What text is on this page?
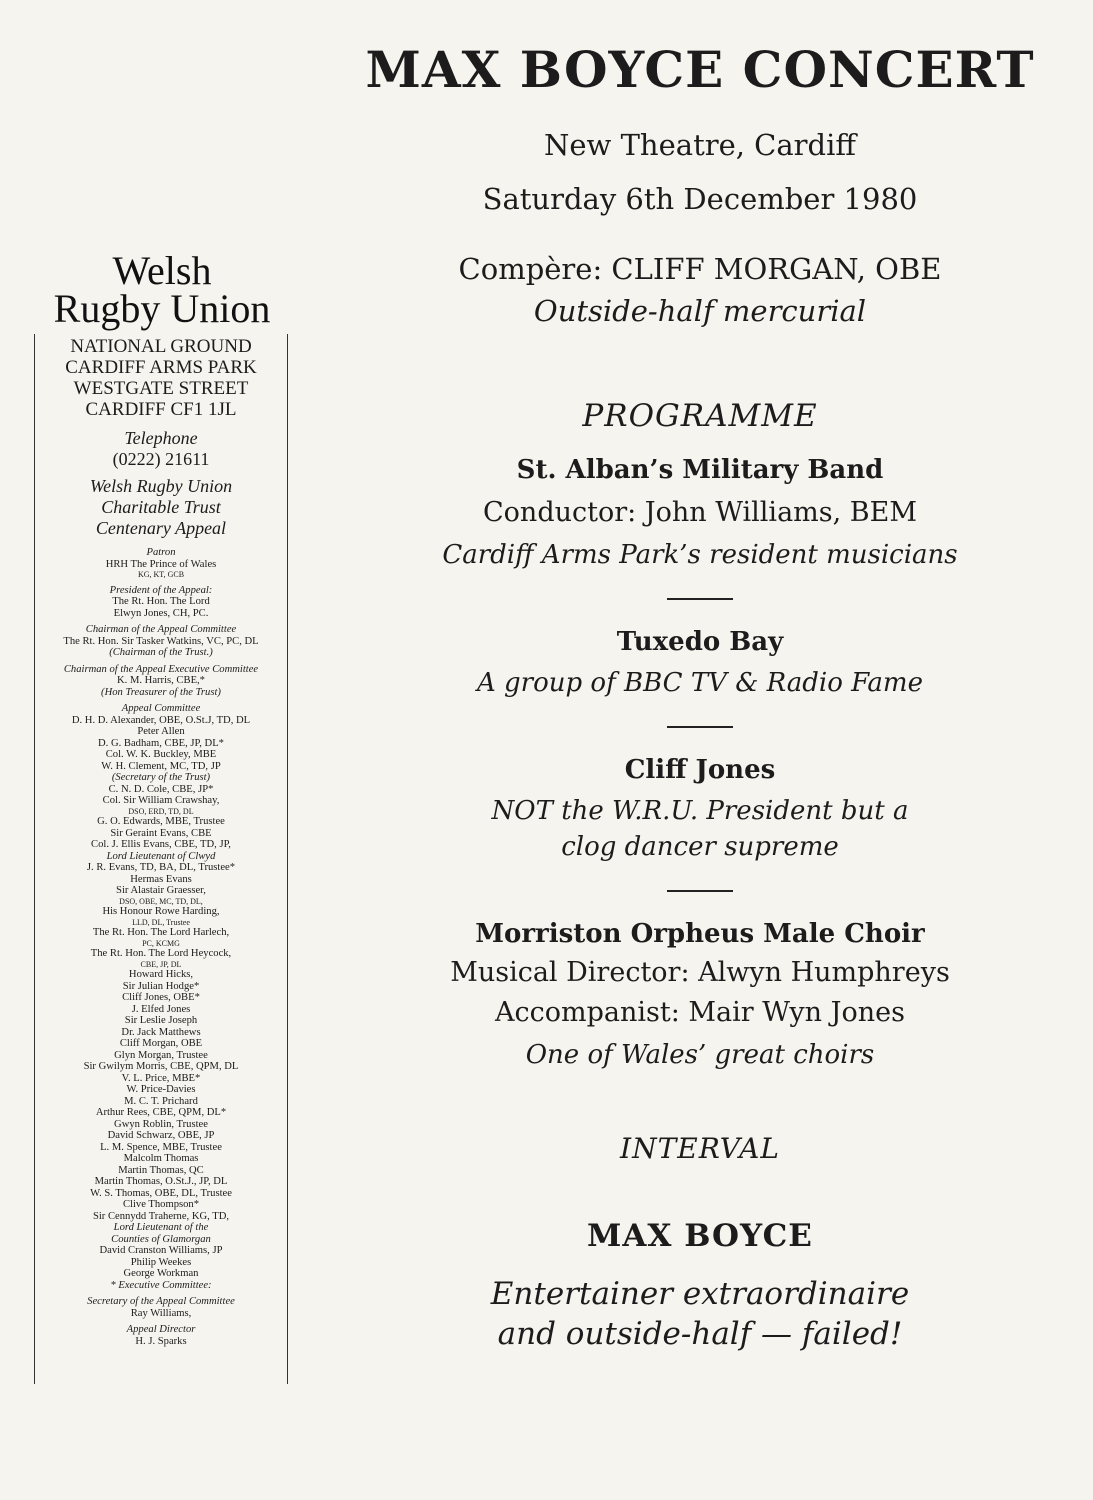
Welsh
Rugby Union
NATIONAL GROUND
CARDIFF ARMS PARK
WESTGATE STREET
CARDIFF CF1 1JL
Telephone
(0222) 21611
Welsh Rugby Union
Charitable Trust
Centenary Appeal
Patron
HRH The Prince of Wales
KG, KT, GCB
President of the Appeal:
The Rt. Hon. The Lord
Elwyn Jones, CH, PC.
Chairman of the Appeal Committee
The Rt. Hon. Sir Tasker Watkins, VC, PC, DL
(Chairman of the Trust.)
Chairman of the Appeal Executive Committee
K. M. Harris, CBE,*
(Hon Treasurer of the Trust)
Appeal Committee
D. H. D. Alexander, OBE, O.St.J, TD, DL
Peter Allen
D. G. Badham, CBE, JP, DL*
Col. W. K. Buckley, MBE
W. H. Clement, MC, TD, JP
(Secretary of the Trust)
C. N. D. Cole, CBE, JP*
Col. Sir William Crawshay,
DSO, ERD, TD, DL
G. O. Edwards, MBE, Trustee
Sir Geraint Evans, CBE
Col. J. Ellis Evans, CBE, TD, JP,
Lord Lieutenant of Clwyd
J. R. Evans, TD, BA, DL, Trustee*
Hermas Evans
Sir Alastair Graesser,
DSO, OBE, MC, TD, DL,
His Honour Rowe Harding,
LLD, DL, Trustee
The Rt. Hon. The Lord Harlech,
PC, KCMG
The Rt. Hon. The Lord Heycock,
CBE, JP, DL
Howard Hicks,
Sir Julian Hodge*
Cliff Jones, OBE*
J. Elfed Jones
Sir Leslie Joseph
Dr. Jack Matthews
Cliff Morgan, OBE
Glyn Morgan, Trustee
Sir Gwilym Morris, CBE, QPM, DL
V. L. Price, MBE*
W. Price-Davies
M. C. T. Prichard
Arthur Rees, CBE, QPM, DL*
Gwyn Roblin, Trustee
David Schwarz, OBE, JP
L. M. Spence, MBE, Trustee
Malcolm Thomas
Martin Thomas, QC
Martin Thomas, O.St.J., JP, DL
W. S. Thomas, OBE, DL, Trustee
Clive Thompson*
Sir Cennydd Traherne, KG, TD,
Lord Lieutenant of the
Counties of Glamorgan
David Cranston Williams, JP
Philip Weekes
George Workman
* Executive Committee:
Secretary of the Appeal Committee
Ray Williams,
Appeal Director
H. J. Sparks
MAX BOYCE CONCERT
New Theatre, Cardiff
Saturday 6th December 1980
Compère: CLIFF MORGAN, OBE
Outside-half mercurial
PROGRAMME
St. Alban’s Military Band
Conductor: John Williams, BEM
Cardiff Arms Park’s resident musicians
Tuxedo Bay
A group of BBC TV & Radio Fame
Cliff Jones
NOT the W.R.U. President but a
clog dancer supreme
Morriston Orpheus Male Choir
Musical Director: Alwyn Humphreys
Accompanist: Mair Wyn Jones
One of Wales’ great choirs
INTERVAL
MAX BOYCE
Entertainer extraordinaire
and outside-half — failed!
